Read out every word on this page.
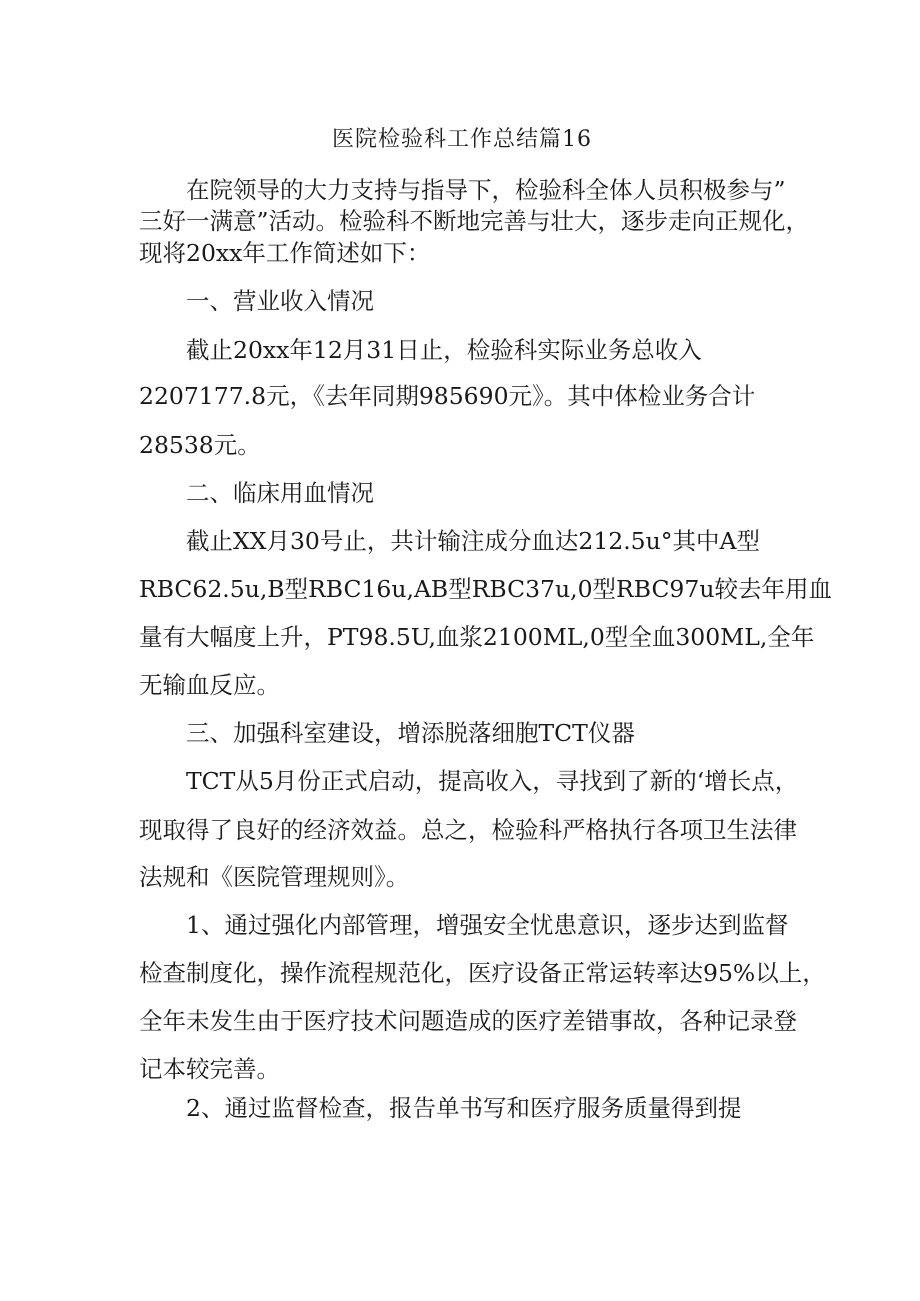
医院检验科工作总结篇16
在院领导的大力支持与指导下，检验科全体人员积极参与”
三好一满意”活动。检验科不断地完善与壮大，逐步走向正规化，
现将20xx年工作简述如下：
一、营业收入情况
截止20xx年12月31日止，检验科实际业务总收入
2207177.8元，《去年同期985690元》。其中体检业务合计
28538元。
二、临床用血情况
截止XX月30号止，共计输注成分血达212.5u°其中A型
RBC62.5u,B型RBC16u,AB型RBC37u,0型RBC97u较去年用血
量有大幅度上升，PT98.5U,血浆2100ML,0型全血300ML,全年
无输血反应。
三、加强科室建设，增添脱落细胞TCT仪器
TCT从5月份正式启动，提高收入，寻找到了新的‘增长点，
现取得了良好的经济效益。总之，检验科严格执行各项卫生法律
法规和《医院管理规则》。
1、通过强化内部管理，增强安全忧患意识，逐步达到监督
检查制度化，操作流程规范化，医疗设备正常运转率达95%以上，
全年未发生由于医疗技术问题造成的医疗差错事故，各种记录登
记本较完善。
2、通过监督检查，报告单书写和医疗服务质量得到提
